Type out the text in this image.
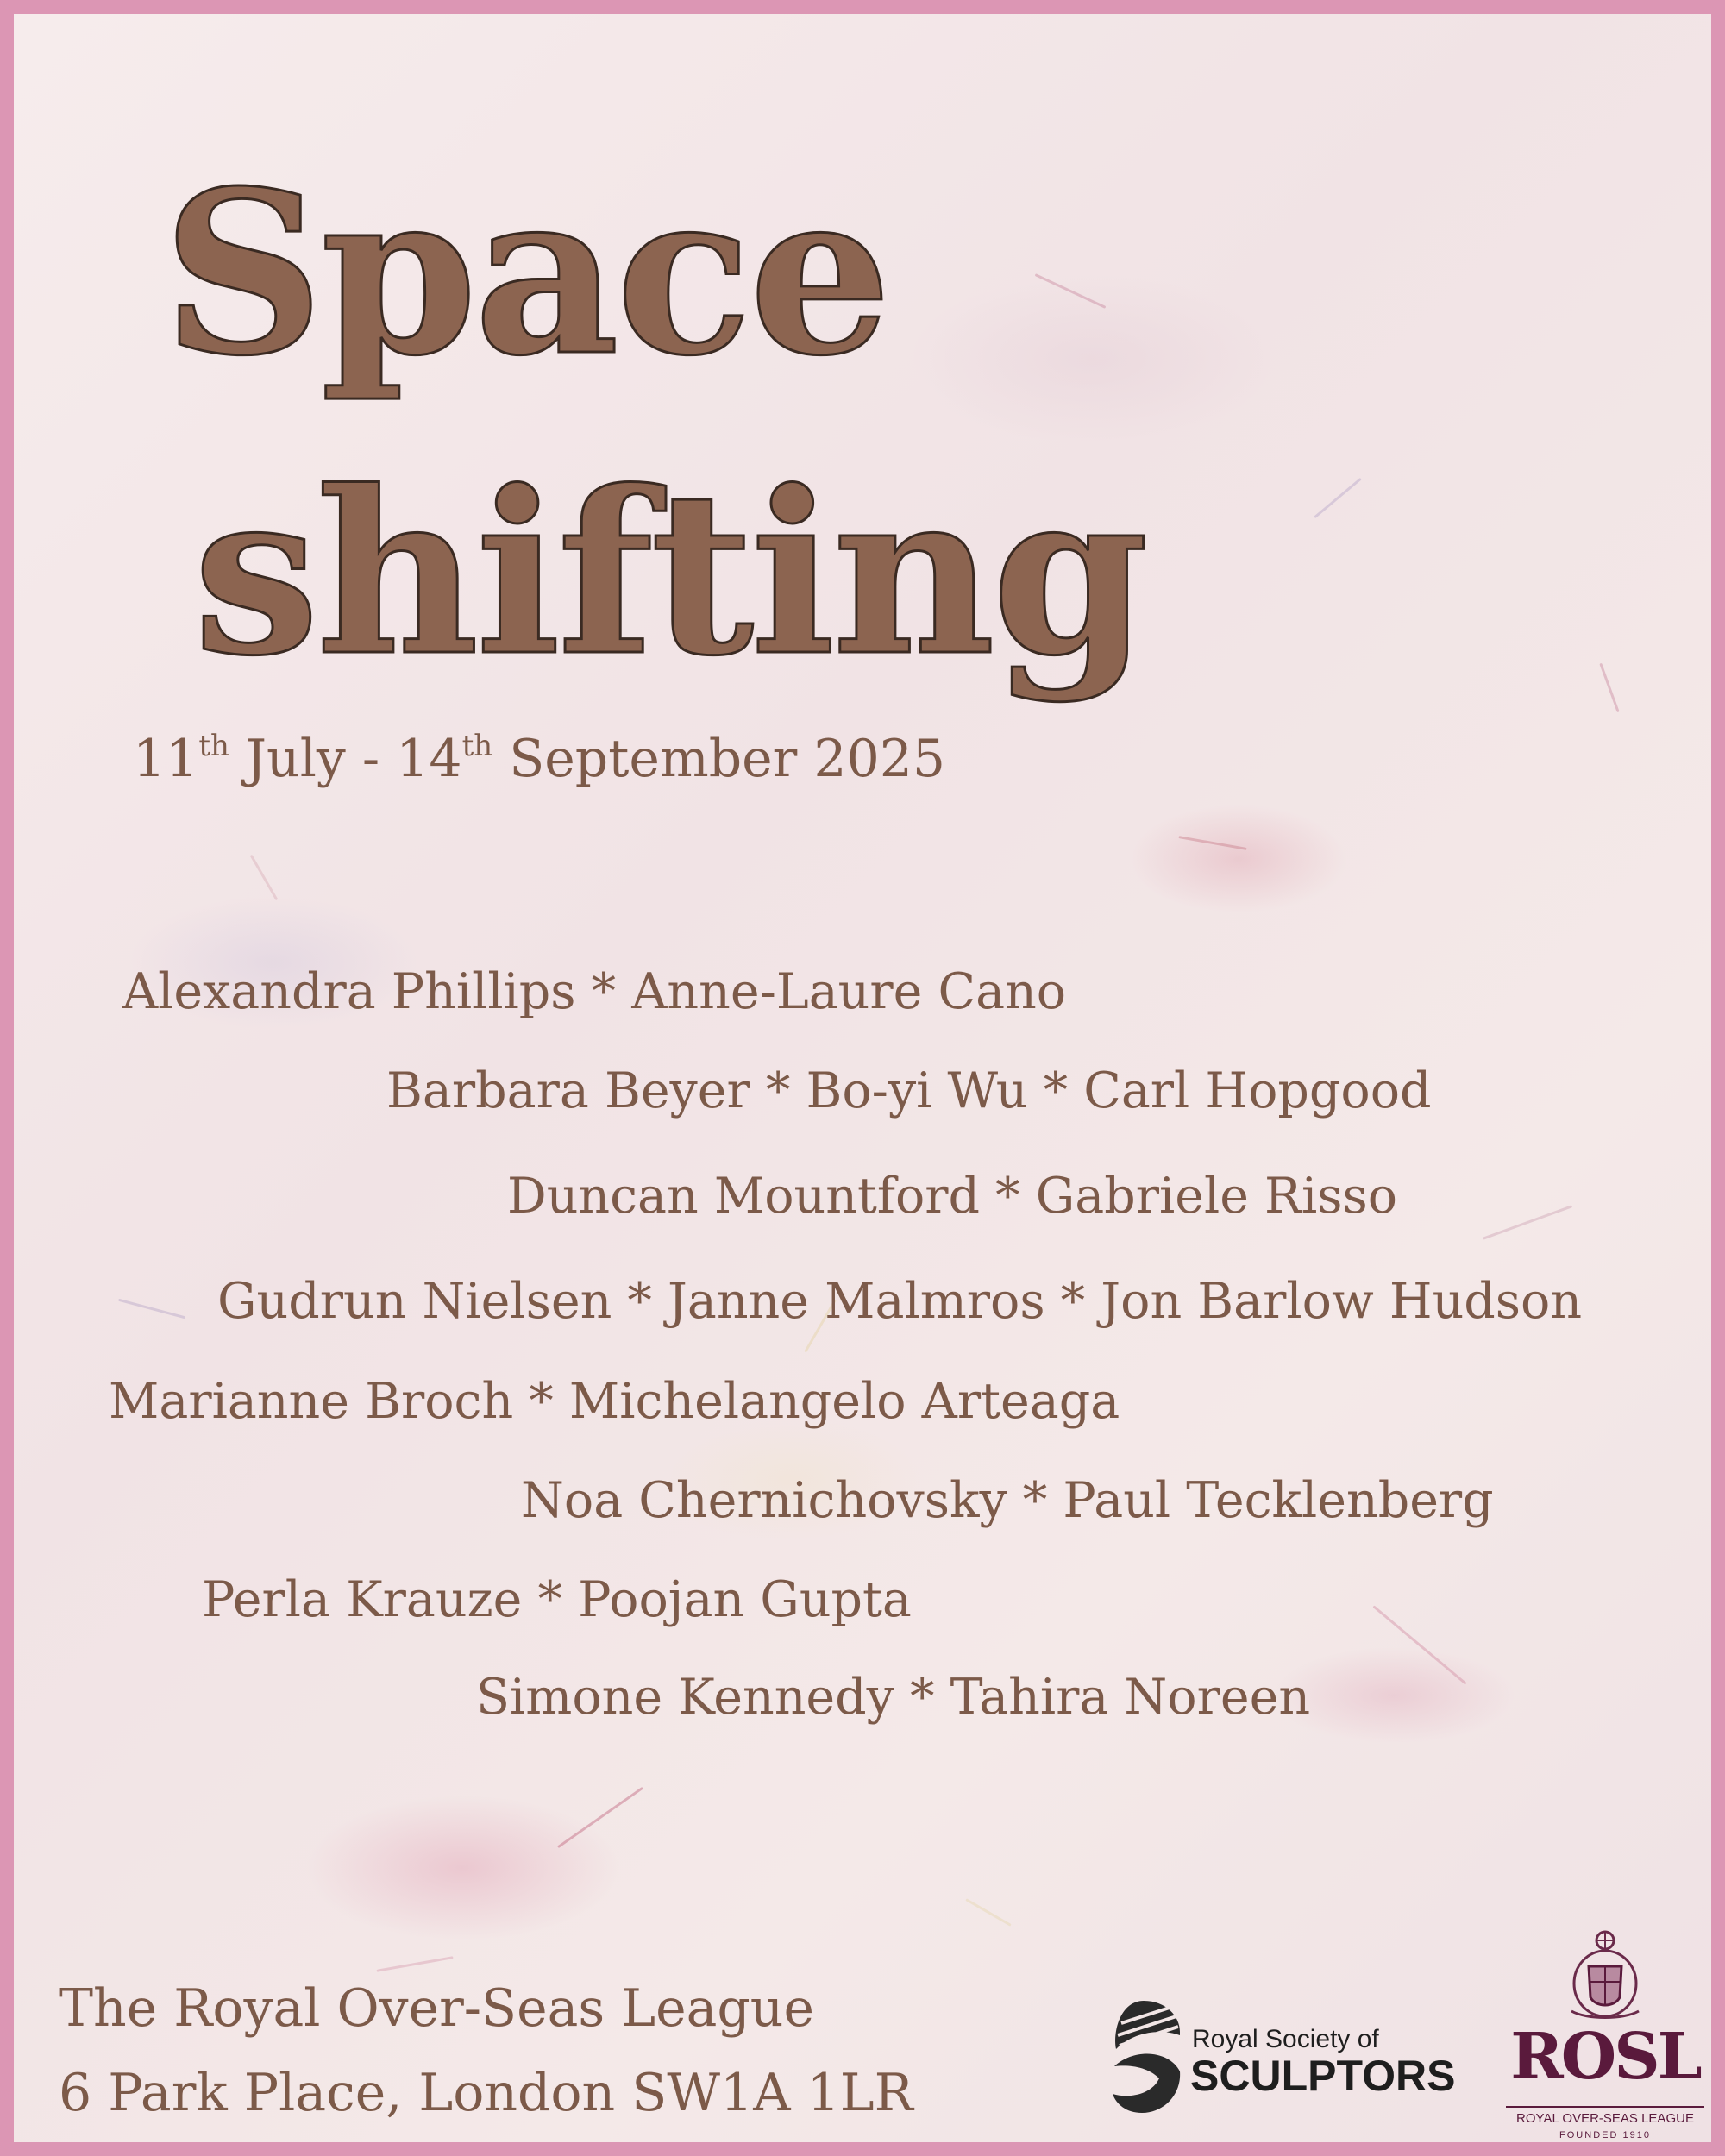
Space
shifting
11th July - 14th September 2025
Alexandra Phillips * Anne-Laure Cano
Barbara Beyer * Bo-yi Wu * Carl Hopgood
Duncan Mountford * Gabriele Risso
Gudrun Nielsen * Janne Malmros * Jon Barlow Hudson
Marianne Broch * Michelangelo Arteaga
Noa Chernichovsky * Paul Tecklenberg
Perla Krauze * Poojan Gupta
Simone Kennedy * Tahira Noreen
The Royal Over-Seas League
6 Park Place, London SW1A 1LR
Royal Society of
SCULPTORS ROSL
ROYAL OVER-SEAS LEAGUE
FOUNDED 1910
